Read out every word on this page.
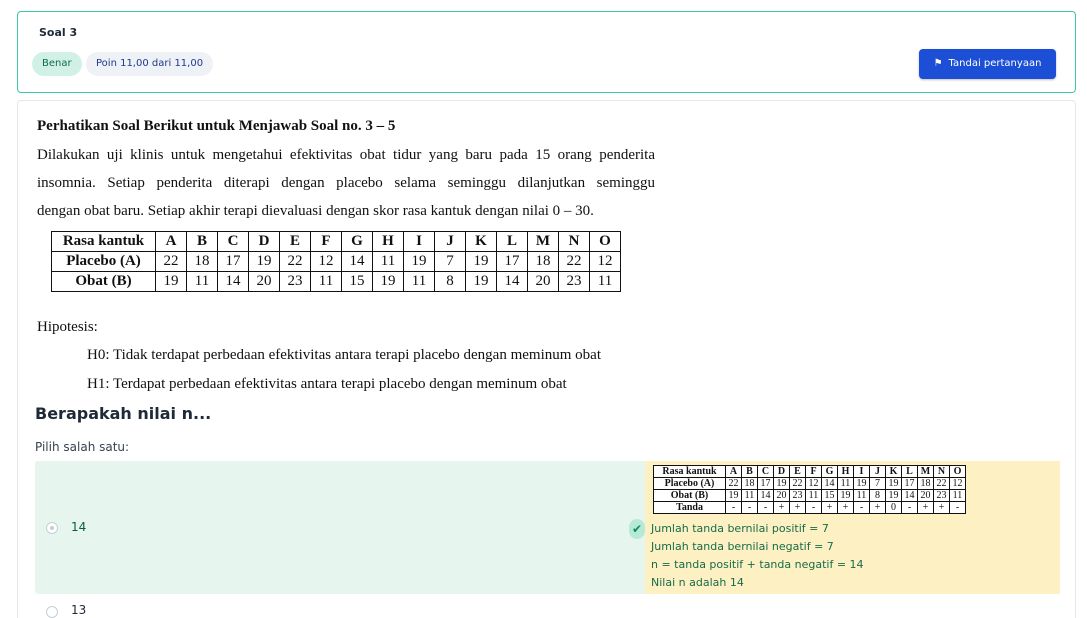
Soal 3
Benar	Poin 11,00 dari 11,00	⚑ Tandai pertanyaan
Perhatikan Soal Berikut untuk Menjawab Soal no. 3 – 5
Dilakukan uji klinis untuk mengetahui efektivitas obat tidur yang baru pada 15 orang penderita
insomnia. Setiap penderita diterapi dengan placebo selama seminggu dilanjutkan seminggu
dengan obat baru. Setiap akhir terapi dievaluasi dengan skor rasa kantuk dengan nilai 0 – 30.
Rasa kantuk	A	B	C	D	E	F	G	H	I	J	K	L	M	N	O
Placebo (A)	22	18	17	19	22	12	14	11	19	7	19	17	18	22	12
Obat (B)	19	11	14	20	23	11	15	19	11	8	19	14	20	23	11
Hipotesis:
H0: Tidak terdapat perbedaan efektivitas antara terapi placebo dengan meminum obat
H1: Terdapat perbedaan efektivitas antara terapi placebo dengan meminum obat
Berapakah nilai n...
Pilih salah satu:
14	✔
Rasa kantuk	A	B	C	D	E	F	G	H	I	J	K	L	M	N	O
Placebo (A)	22	18	17	19	22	12	14	11	19	7	19	17	18	22	12
Obat (B)	19	11	14	20	23	11	15	19	11	8	19	14	20	23	11
Tanda	-	-	-	+	+	-	+	+	-	+	0	-	+	+	-
Jumlah tanda bernilai positif = 7
Jumlah tanda bernilai negatif = 7
n = tanda positif + tanda negatif = 14
Nilai n adalah 14
13
